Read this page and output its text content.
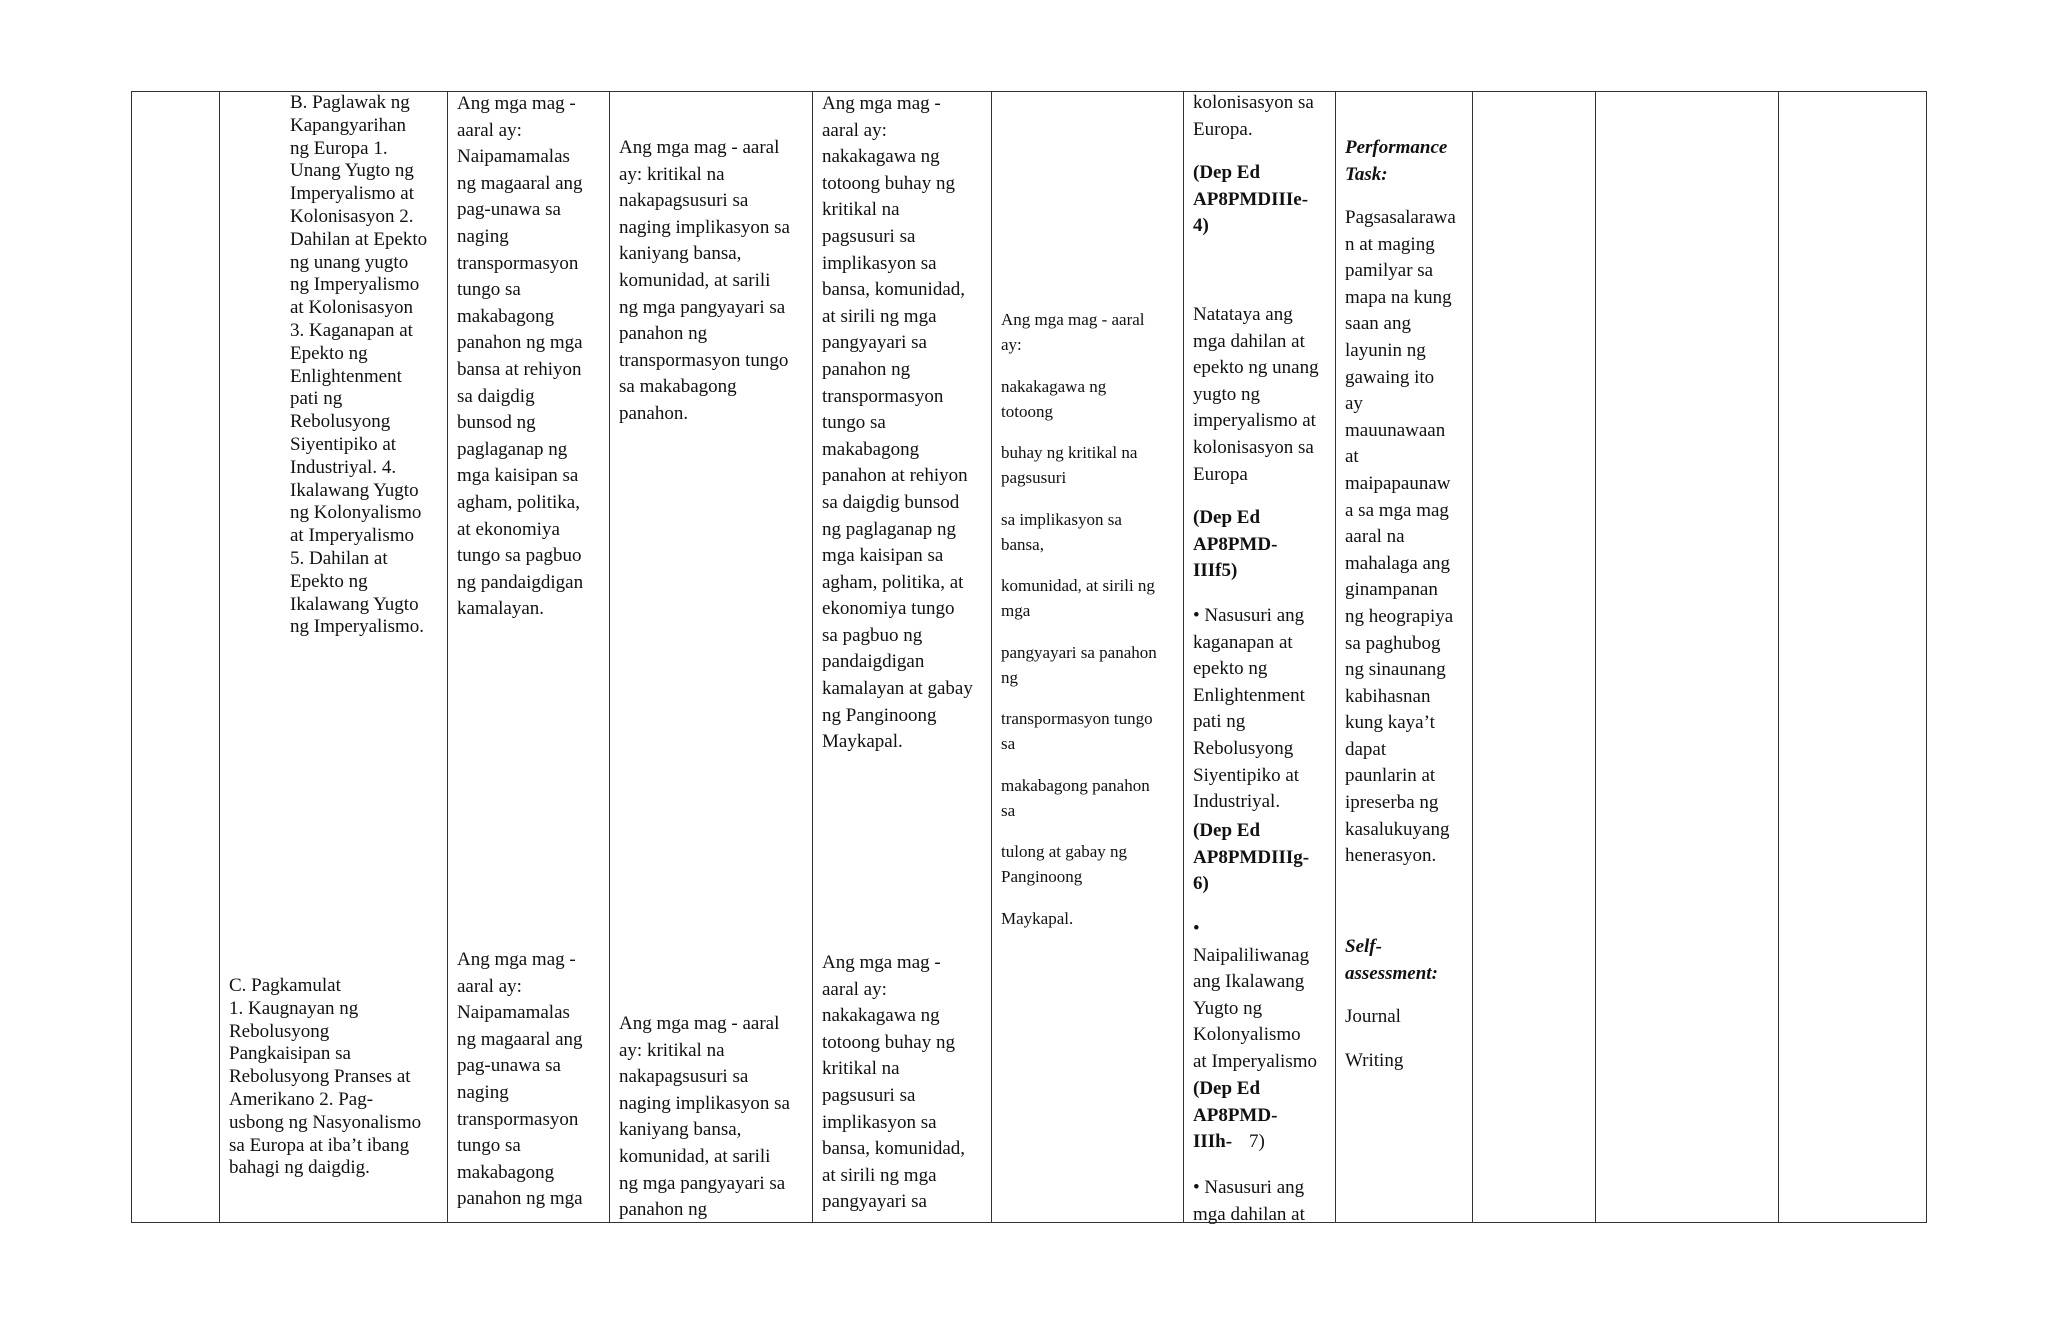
B. Paglawak ng
Kapangyarihan
ng Europa 1.
Unang Yugto ng
Imperyalismo at
Kolonisasyon 2.
Dahilan at Epekto
ng unang yugto
ng Imperyalismo
at Kolonisasyon
3. Kaganapan at
Epekto ng
Enlightenment
pati ng
Rebolusyong
Siyentipiko at
Industriyal. 4.
Ikalawang Yugto
ng Kolonyalismo
at Imperyalismo
5. Dahilan at
Epekto ng
Ikalawang Yugto
ng Imperyalismo.
C. Pagkamulat
1. Kaugnayan ng
Rebolusyong
Pangkaisipan sa
Rebolusyong Pranses at
Amerikano 2. Pag-
usbong ng Nasyonalismo
sa Europa at iba’t ibang
bahagi ng daigdig.
Ang mga mag -
aaral ay:
Naipamamalas
ng magaaral ang
pag-unawa sa
naging
transpormasyon
tungo sa
makabagong
panahon ng mga
bansa at rehiyon
sa daigdig
bunsod ng
paglaganap ng
mga kaisipan sa
agham, politika,
at ekonomiya
tungo sa pagbuo
ng pandaigdigan
kamalayan.
Ang mga mag -
aaral ay:
Naipamamalas
ng magaaral ang
pag-unawa sa
naging
transpormasyon
tungo sa
makabagong
panahon ng mga
Ang mga mag - aaral
ay: kritikal na
nakapagsusuri sa
naging implikasyon sa
kaniyang bansa,
komunidad, at sarili
ng mga pangyayari sa
panahon ng
transpormasyon tungo
sa makabagong
panahon.
Ang mga mag - aaral
ay: kritikal na
nakapagsusuri sa
naging implikasyon sa
kaniyang bansa,
komunidad, at sarili
ng mga pangyayari sa
panahon ng
Ang mga mag -
aaral ay:
nakakagawa ng
totoong buhay ng
kritikal na
pagsusuri sa
implikasyon sa
bansa, komunidad,
at sirili ng mga
pangyayari sa
panahon ng
transpormasyon
tungo sa
makabagong
panahon at rehiyon
sa daigdig bunsod
ng paglaganap ng
mga kaisipan sa
agham, politika, at
ekonomiya tungo
sa pagbuo ng
pandaigdigan
kamalayan at gabay
ng Panginoong
Maykapal.
Ang mga mag -
aaral ay:
nakakagawa ng
totoong buhay ng
kritikal na
pagsusuri sa
implikasyon sa
bansa, komunidad,
at sirili ng mga
pangyayari sa
Ang mga mag - aaral
ay:
nakakagawa ng
totoong
buhay ng kritikal na
pagsusuri
sa implikasyon sa
bansa,
komunidad, at sirili ng
mga
pangyayari sa panahon
ng
transpormasyon tungo
sa
makabagong panahon
sa
tulong at gabay ng
Panginoong
Maykapal.
kolonisasyon sa
Europa.
(Dep Ed
AP8PMDIIIe-
4)
Natataya ang
mga dahilan at
epekto ng unang
yugto ng
imperyalismo at
kolonisasyon sa
Europa
(Dep Ed
AP8PMD-
IIIf5)
• Nasusuri ang
kaganapan at
epekto ng
Enlightenment
pati ng
Rebolusyong
Siyentipiko at
Industriyal.
(Dep Ed
AP8PMDIIIg-
6)
•
Naipaliliwanag
ang Ikalawang
Yugto ng
Kolonyalismo
at Imperyalismo
(Dep Ed
AP8PMD-
IIIh- 7)
• Nasusuri ang
mga dahilan at
Performance
Task:
Pagsasalarawa
n at maging
pamilyar sa
mapa na kung
saan ang
layunin ng
gawaing ito
ay
mauunawaan
at
maipapaunaw
a sa mga mag
aaral na
mahalaga ang
ginampanan
ng heograpiya
sa paghubog
ng sinaunang
kabihasnan
kung kaya’t
dapat
paunlarin at
ipreserba ng
kasalukuyang
henerasyon.
Self-
assessment:
Journal
Writing
